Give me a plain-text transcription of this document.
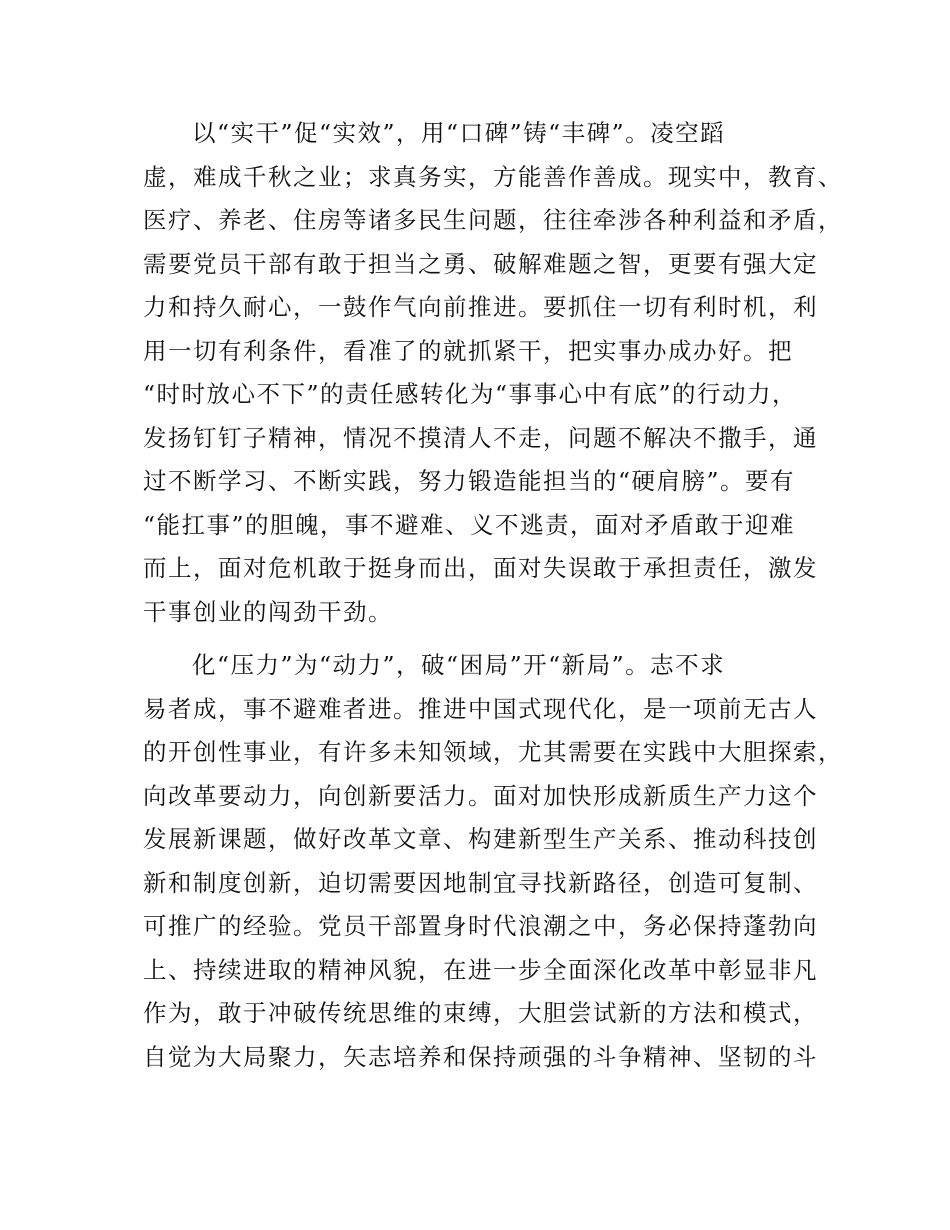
以“实干”促“实效”，用“口碑”铸“丰碑”。凌空蹈
虚，难成千秋之业；求真务实，方能善作善成。现实中，教育、
医疗、养老、住房等诸多民生问题，往往牵涉各种利益和矛盾，
需要党员干部有敢于担当之勇、破解难题之智，更要有强大定
力和持久耐心，一鼓作气向前推进。要抓住一切有利时机，利
用一切有利条件，看准了的就抓紧干，把实事办成办好。把
“时时放心不下”的责任感转化为“事事心中有底”的行动力，
发扬钉钉子精神，情况不摸清人不走，问题不解决不撒手，通
过不断学习、不断实践，努力锻造能担当的“硬肩膀”。要有
“能扛事”的胆魄，事不避难、义不逃责，面对矛盾敢于迎难
而上，面对危机敢于挺身而出，面对失误敢于承担责任，激发
干事创业的闯劲干劲。
化“压力”为“动力”，破“困局”开“新局”。志不求
易者成，事不避难者进。推进中国式现代化，是一项前无古人
的开创性事业，有许多未知领域，尤其需要在实践中大胆探索，
向改革要动力，向创新要活力。面对加快形成新质生产力这个
发展新课题，做好改革文章、构建新型生产关系、推动科技创
新和制度创新，迫切需要因地制宜寻找新路径，创造可复制、
可推广的经验。党员干部置身时代浪潮之中，务必保持蓬勃向
上、持续进取的精神风貌，在进一步全面深化改革中彰显非凡
作为，敢于冲破传统思维的束缚，大胆尝试新的方法和模式，
自觉为大局聚力，矢志培养和保持顽强的斗争精神、坚韧的斗
